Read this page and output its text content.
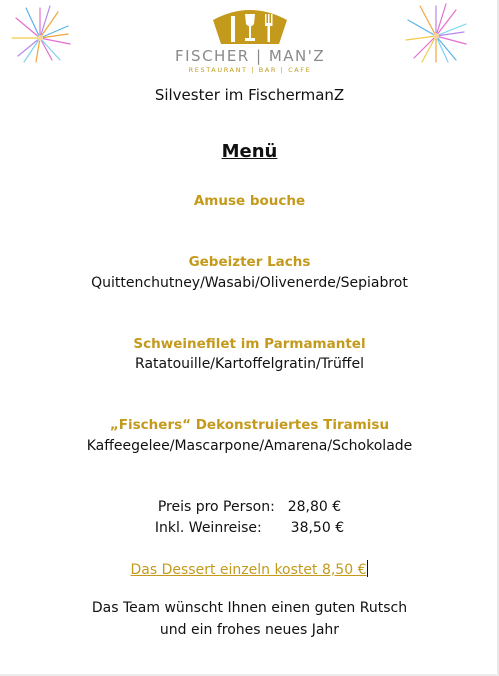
FISCHER | MAN'Z
RESTAURANT | BAR | CAFE
Silvester im FischermanZ
Menü
Amuse bouche
Gebeizter Lachs
Quittenchutney/Wasabi/Olivenerde/Sepiabrot
Schweinefilet im Parmamantel
Ratatouille/Kartoffelgratin/Trüffel
„Fischers“ Dekonstruiertes Tiramisu
Kaffeegelee/Mascarpone/Amarena/Schokolade
Preis pro Person: 28,80 €
Inkl. Weinreise: 38,50 €
Das Dessert einzeln kostet 8,50 €
Das Team wünscht Ihnen einen guten Rutsch
und ein frohes neues Jahr
